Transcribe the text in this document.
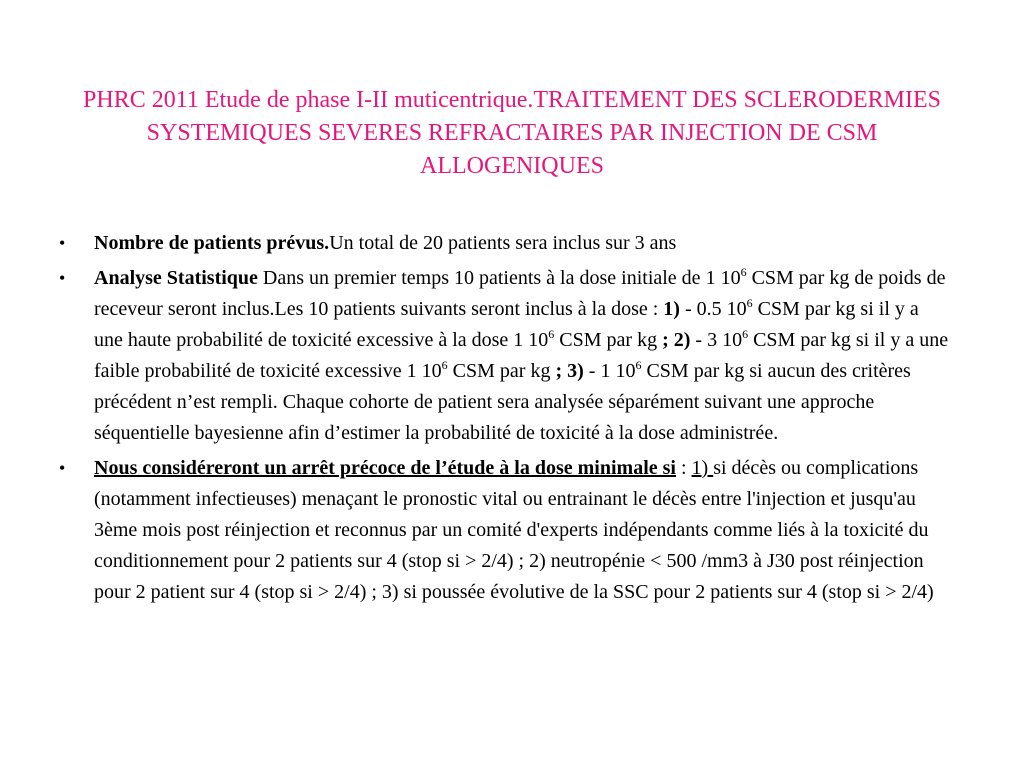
PHRC 2011 Etude de phase I-II muticentrique.TRAITEMENT DES SCLERODERMIES SYSTEMIQUES SEVERES REFRACTAIRES PAR INJECTION DE CSM ALLOGENIQUES
• Nombre de patients prévus.Un total de 20 patients sera inclus sur 3 ans
• Analyse Statistique Dans un premier temps 10 patients à la dose initiale de 1 $10^6$ CSM par kg de poids de receveur seront inclus.Les 10 patients suivants seront inclus à la dose : 1) - 0.5 $10^6$ CSM par kg si il y a une haute probabilité de toxicité excessive à la dose 1 $10^6$ CSM par kg ; 2) - 3 $10^6$ CSM par kg si il y a une faible probabilité de toxicité excessive 1 $10^6$ CSM par kg ; 3) - 1 $10^6$ CSM par kg si aucun des critères précédent n’est rempli. Chaque cohorte de patient sera analysée séparément suivant une approche séquentielle bayesienne afin d’estimer la probabilité de toxicité à la dose administrée.
• Nous considéreront un arrêt précoce de l’étude à la dose minimale si : 1) si décès ou complications (notamment infectieuses) menaçant le pronostic vital ou entrainant le décès entre l'injection et jusqu'au 3ème mois post réinjection et reconnus par un comité d'experts indépendants comme liés à la toxicité du conditionnement pour 2 patients sur 4 (stop si > 2/4) ; 2) neutropénie < 500 /mm3 à J30 post réinjection pour 2 patient sur 4 (stop si > 2/4) ; 3) si poussée évolutive de la SSC pour 2 patients sur 4 (stop si > 2/4)
